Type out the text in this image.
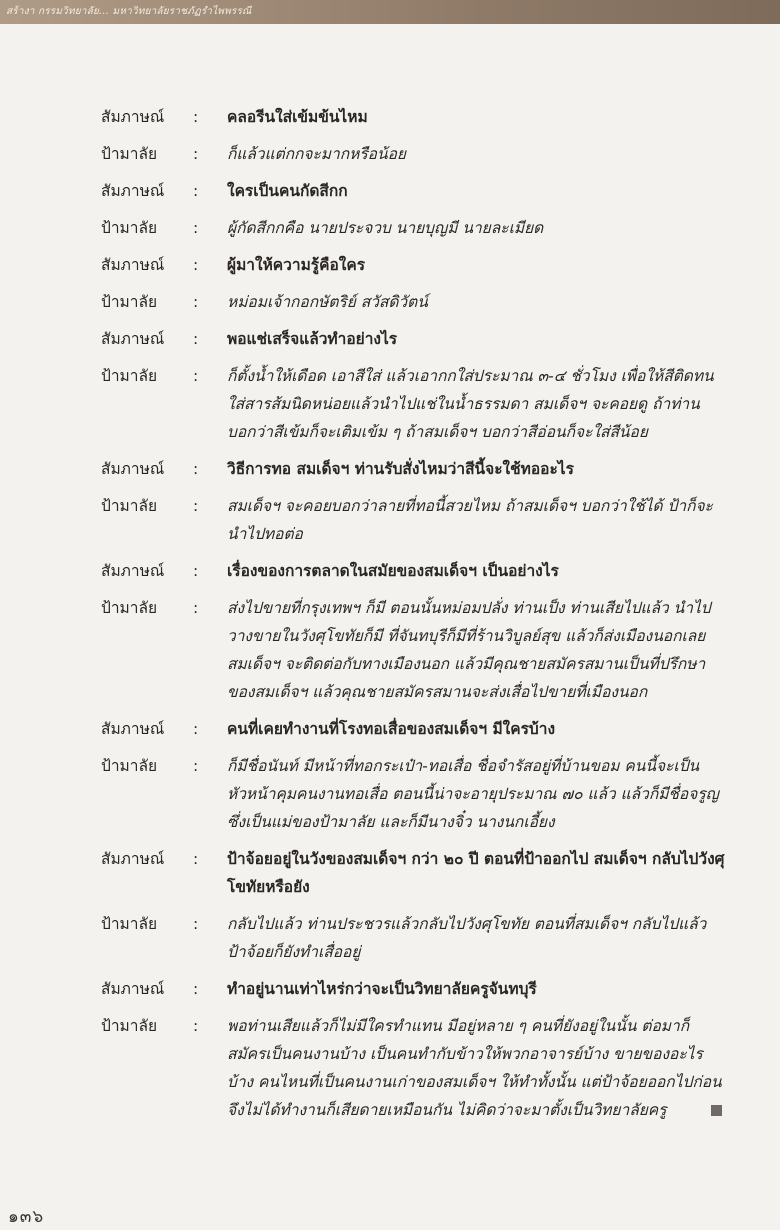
สร้างา กรรมวิทยาลัย... มหาวิทยาลัยราชภัฏรำไพพรรณี
สัมภาษณ์	:	คลอรีนใส่เข้มข้นไหม
ป้ามาลัย	:	ก็แล้วแต่กกจะมากหรือน้อย
สัมภาษณ์	:	ใครเป็นคนกัดสีกก
ป้ามาลัย	:	ผู้กัดสีกกคือ นายประจวบ นายบุญมี นายละเมียด
สัมภาษณ์	:	ผู้มาให้ความรู้คือใคร
ป้ามาลัย	:	หม่อมเจ้ากอกษัตริย์ สวัสดิวัตน์
สัมภาษณ์	:	พอแช่เสร็จแล้วทำอย่างไร
ป้ามาลัย	:	ก็ตั้งน้ำให้เดือด เอาสีใส่ แล้วเอากกใส่ประมาณ ๓-๔ ชั่วโมง เพื่อให้สีติดทน ใส่สารส้มนิดหน่อยแล้วนำไปแช่ในน้ำธรรมดา สมเด็จฯ จะคอยดู ถ้าท่านบอกว่าสีเข้มก็จะเติมเข้ม ๆ ถ้าสมเด็จฯ บอกว่าสีอ่อนก็จะใส่สีน้อย
สัมภาษณ์	:	วิธีการทอ สมเด็จฯ ท่านรับสั่งไหมว่าสีนี้จะใช้ทออะไร
ป้ามาลัย	:	สมเด็จฯ จะคอยบอกว่าลายที่ทอนี้สวยไหม ถ้าสมเด็จฯ บอกว่าใช้ได้ ป้าก็จะนำไปทอต่อ
สัมภาษณ์	:	เรื่องของการตลาดในสมัยของสมเด็จฯ เป็นอย่างไร
ป้ามาลัย	:	ส่งไปขายที่กรุงเทพฯ ก็มี ตอนนั้นหม่อมปลั่ง ท่านเป็ง ท่านเสียไปแล้ว นำไปวางขายในวังศุโขทัยก็มี ที่จันทบุรีก็มีที่ร้านวิบูลย์สุข แล้วก็ส่งเมืองนอกเลย สมเด็จฯ จะติดต่อกับทางเมืองนอก แล้วมีคุณชายสมัครสมานเป็นที่ปรึกษาของสมเด็จฯ แล้วคุณชายสมัครสมานจะส่งเสื่อไปขายที่เมืองนอก
สัมภาษณ์	:	คนที่เคยทำงานที่โรงทอเสื่อของสมเด็จฯ มีใครบ้าง
ป้ามาลัย	:	ก็มีชื่อนันท์ มีหน้าที่ทอกระเป๋า-ทอเสื่อ ชื่อจำรัสอยู่ที่บ้านขอม คนนี้จะเป็นหัวหน้าคุมคนงานทอเสื่อ ตอนนี้น่าจะอายุประมาณ ๗๐ แล้ว แล้วก็มีชื่อจรูญ ซึ่งเป็นแม่ของป้ามาลัย และก็มีนางจิ๋ว นางนกเอี้ยง
สัมภาษณ์	:	ป้าจ้อยอยู่ในวังของสมเด็จฯ กว่า ๒๐ ปี ตอนที่ป้าออกไป สมเด็จฯ กลับไปวังศุโขทัยหรือยัง
ป้ามาลัย	:	กลับไปแล้ว ท่านประชวรแล้วกลับไปวังศุโขทัย ตอนที่สมเด็จฯ กลับไปแล้ว ป้าจ้อยก็ยังทำเสื่ออยู่
สัมภาษณ์	:	ทำอยู่นานเท่าไหร่กว่าจะเป็นวิทยาลัยครูจันทบุรี
ป้ามาลัย	:	พอท่านเสียแล้วก็ไม่มีใครทำแทน มีอยู่หลาย ๆ คนที่ยังอยู่ในนั้น ต่อมาก็สมัครเป็นคนงานบ้าง เป็นคนทำกับข้าวให้พวกอาจารย์บ้าง ขายของอะไรบ้าง คนไหนที่เป็นคนงานเก่าของสมเด็จฯ ให้ทำทั้งนั้น แต่ป้าจ้อยออกไปก่อนจึงไม่ได้ทำงานก็เสียดายเหมือนกัน ไม่คิดว่าจะมาตั้งเป็นวิทยาลัยครู
๑๓๖
